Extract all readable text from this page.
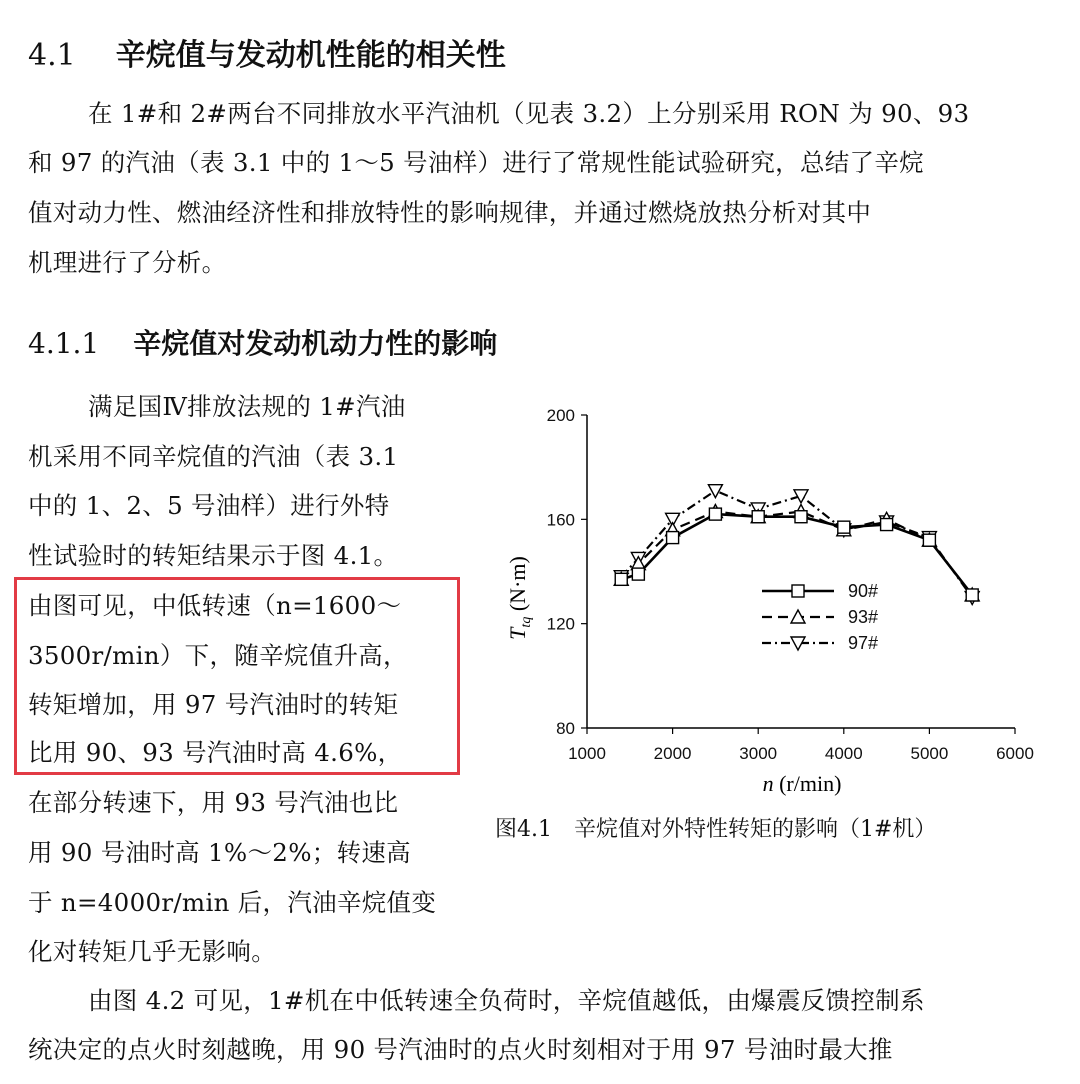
4.1 辛烷值与发动机性能的相关性
在 1#和 2#两台不同排放水平汽油机（见表 3.2）上分别采用 RON 为 90、93
和 97 的汽油（表 3.1 中的 1～5 号油样）进行了常规性能试验研究，总结了辛烷
值对动力性、燃油经济性和排放特性的影响规律，并通过燃烧放热分析对其中
机理进行了分析。
4.1.1 辛烷值对发动机动力性的影响
满足国Ⅳ排放法规的 1#汽油
机采用不同辛烷值的汽油（表 3.1
中的 1、2、5 号油样）进行外特
性试验时的转矩结果示于图 4.1。
由图可见，中低转速（n=1600～
3500r/min）下，随辛烷值升高，
转矩增加，用 97 号汽油时的转矩
比用 90、93 号汽油时高 4.6%，
在部分转速下，用 93 号汽油也比
用 90 号油时高 1%～2%；转速高
于 n=4000r/min 后，汽油辛烷值变
化对转矩几乎无影响。
1000	2000	3000	4000	5000	6000
80
120
160
200
90#
93#
97#
$T_{tq}$ (N·m)
n (r/min)
图4.1　辛烷值对外特性转矩的影响（1#机）
由图 4.2 可见，1#机在中低转速全负荷时，辛烷值越低，由爆震反馈控制系
统决定的点火时刻越晚，用 90 号汽油时的点火时刻相对于用 97 号油时最大推
